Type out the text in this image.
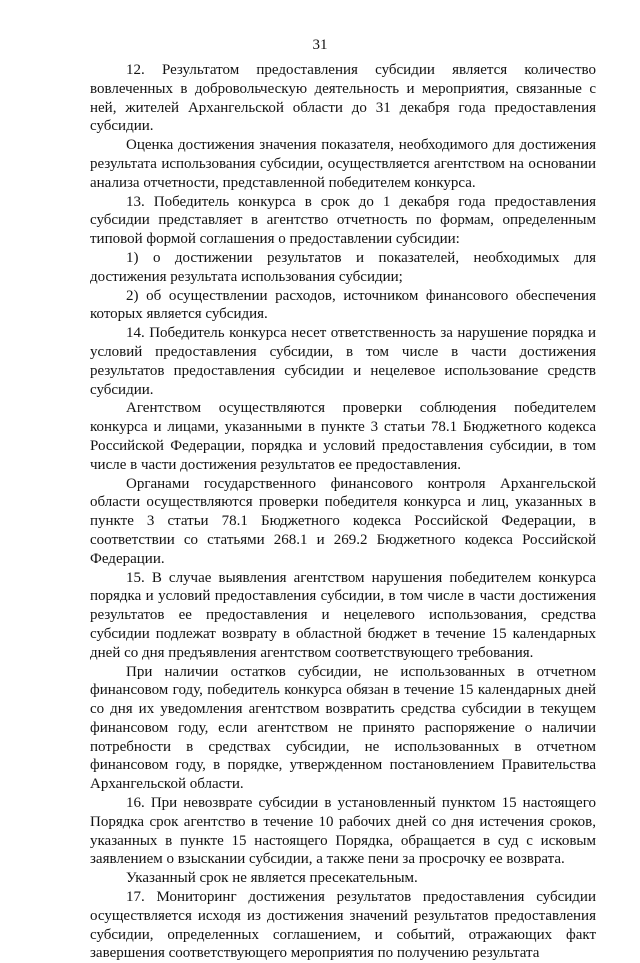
31

12. Результатом предоставления субсидии является количество вовлеченных в добровольческую деятельность и мероприятия, связанные с ней, жителей Архангельской области до 31 декабря года предоставления субсидии.

Оценка достижения значения показателя, необходимого для достижения результата использования субсидии, осуществляется агентством на основании анализа отчетности, представленной победителем конкурса.

13. Победитель конкурса в срок до 1 декабря года предоставления субсидии представляет в агентство отчетность по формам, определенным типовой формой соглашения о предоставлении субсидии:

1) о достижении результатов и показателей, необходимых для достижения результата использования субсидии;

2) об осуществлении расходов, источником финансового обеспечения которых является субсидия.

14. Победитель конкурса несет ответственность за нарушение порядка и условий предоставления субсидии, в том числе в части достижения результатов предоставления субсидии и нецелевое использование средств субсидии.

Агентством осуществляются проверки соблюдения победителем конкурса и лицами, указанными в пункте 3 статьи 78.1 Бюджетного кодекса Российской Федерации, порядка и условий предоставления субсидии, в том числе в части достижения результатов ее предоставления.

Органами государственного финансового контроля Архангельской области осуществляются проверки победителя конкурса и лиц, указанных в пункте 3 статьи 78.1 Бюджетного кодекса Российской Федерации, в соответствии со статьями 268.1 и 269.2 Бюджетного кодекса Российской Федерации.

15. В случае выявления агентством нарушения победителем конкурса порядка и условий предоставления субсидии, в том числе в части достижения результатов ее предоставления и нецелевого использования, средства субсидии подлежат возврату в областной бюджет в течение 15 календарных дней со дня предъявления агентством соответствующего требования.

При наличии остатков субсидии, не использованных в отчетном финансовом году, победитель конкурса обязан в течение 15 календарных дней со дня их уведомления агентством возвратить средства субсидии в текущем финансовом году, если агентством не принято распоряжение о наличии потребности в средствах субсидии, не использованных в отчетном финансовом году, в порядке, утвержденном постановлением Правительства Архангельской области.

16. При невозврате субсидии в установленный пунктом 15 настоящего Порядка срок агентство в течение 10 рабочих дней со дня истечения сроков, указанных в пункте 15 настоящего Порядка, обращается в суд с исковым заявлением о взыскании субсидии, а также пени за просрочку ее возврата.

Указанный срок не является пресекательным.

17. Мониторинг достижения результатов предоставления субсидии осуществляется исходя из достижения значений результатов предоставления субсидии, определенных соглашением, и событий, отражающих факт завершения соответствующего мероприятия по получению результата
